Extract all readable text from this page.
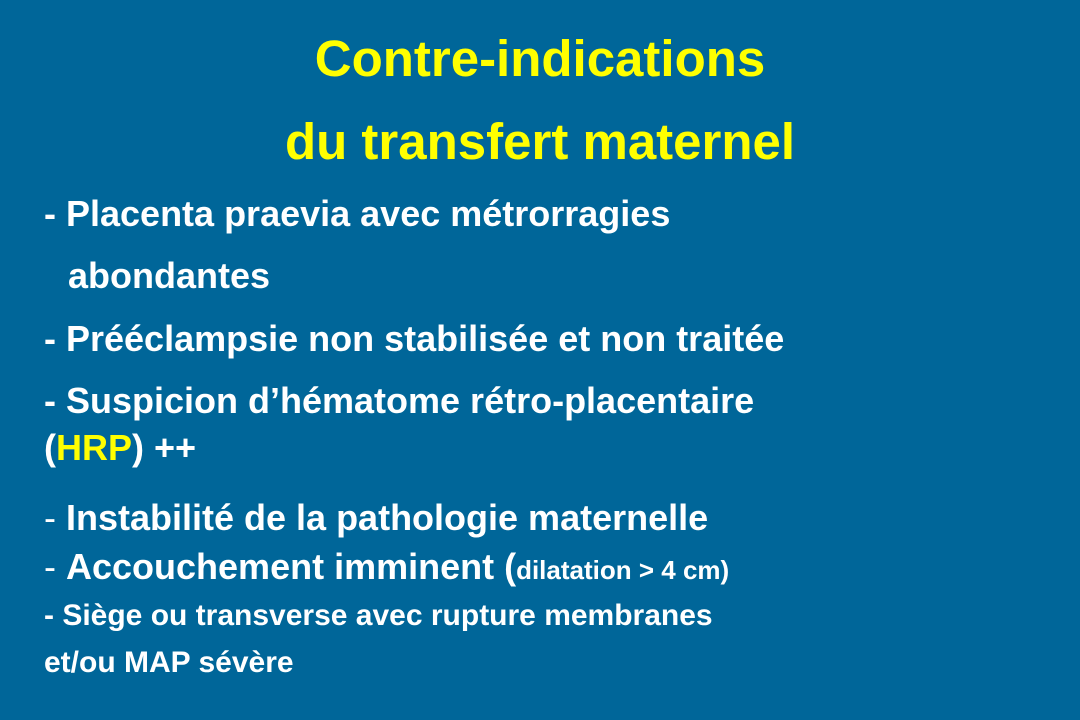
Contre-indications
du transfert maternel
- Placenta praevia avec métrorragies
abondantes
- Prééclampsie non stabilisée et non traitée
- Suspicion d’hématome rétro-placentaire
(HRP) ++
- Instabilité de la pathologie maternelle
- Accouchement imminent (dilatation > 4 cm)
- Siège ou transverse avec rupture membranes
et/ou MAP sévère
